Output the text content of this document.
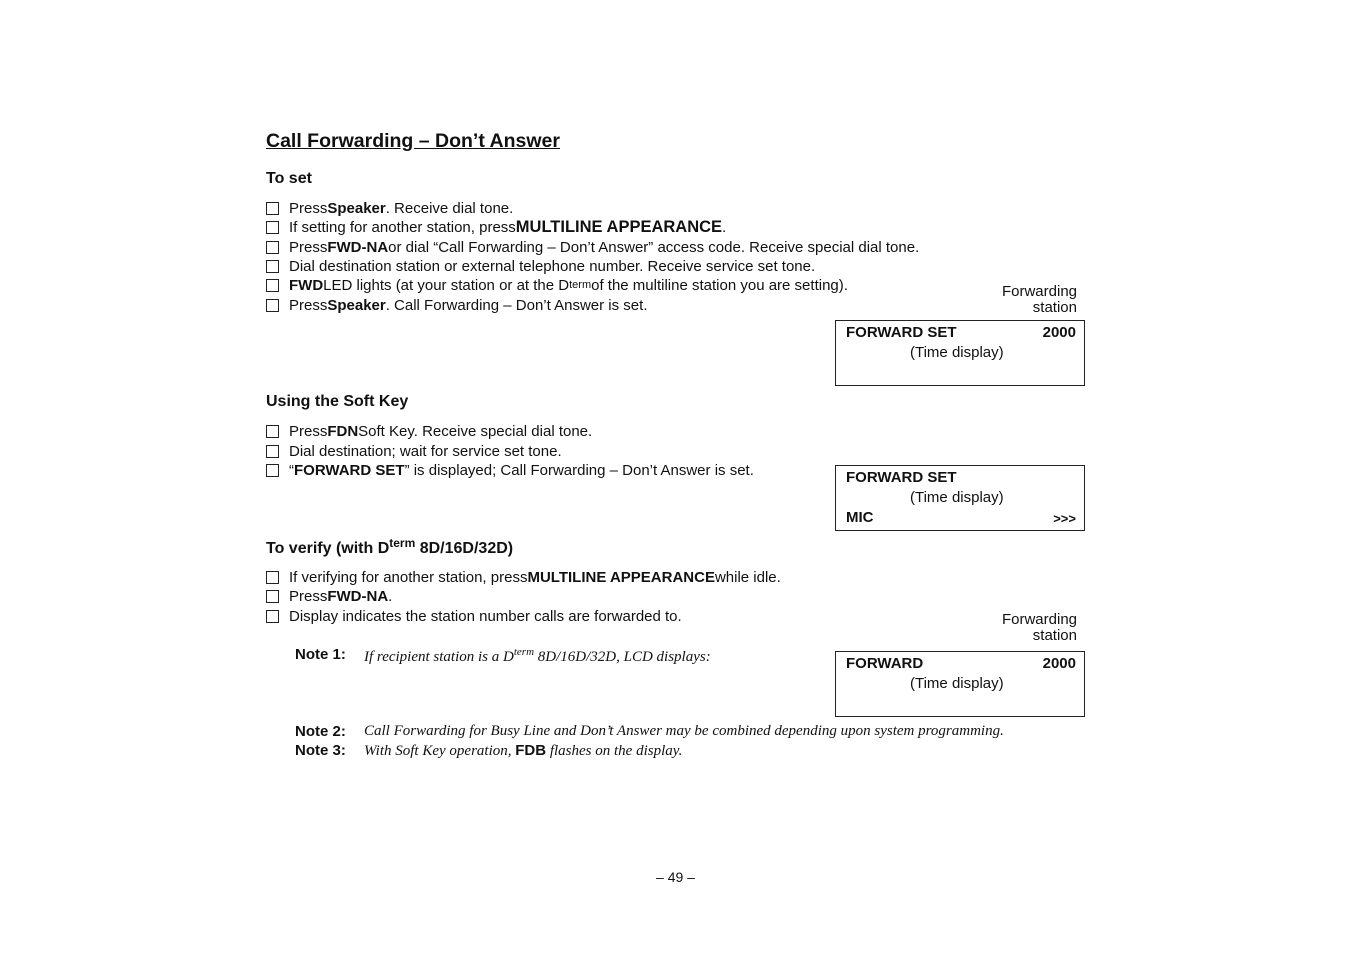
Call Forwarding – Don’t Answer
To set
Press Speaker . Receive dial tone.
If setting for another station, press MULTILINE APPEARANCE .
Press FWD-NA or dial “Call Forwarding – Don’t Answer” access code. Receive special dial tone.
Dial destination station or external telephone number. Receive service set tone.
FWD LED lights (at your station or at the D term of the multiline station you are setting).
Press Speaker . Call Forwarding – Don’t Answer is set.
Forwarding
station
FORWARD SET	2000
(Time display)
Using the Soft Key
Press FDN Soft Key. Receive special dial tone.
Dial destination; wait for service set tone.
“ FORWARD SET ” is displayed; Call Forwarding – Don’t Answer is set.	FORWARD SET
(Time display)
MIC	>>>
To verify (with $D^{term}$ 8D/16D/32D)
If verifying for another station, press MULTILINE APPEARANCE while idle.
Press FWD-NA .
Display indicates the station number calls are forwarded to.	Forwarding
station
FORWARD	2000
(Time display)
Note 1: If recipient station is a $D^{term}$ 8D/16D/32D, LCD displays:
Note 2: Call Forwarding for Busy Line and Don’t Answer may be combined depending upon system programming.
Note 3: With Soft Key operation, FDB flashes on the display.
– 49 –
